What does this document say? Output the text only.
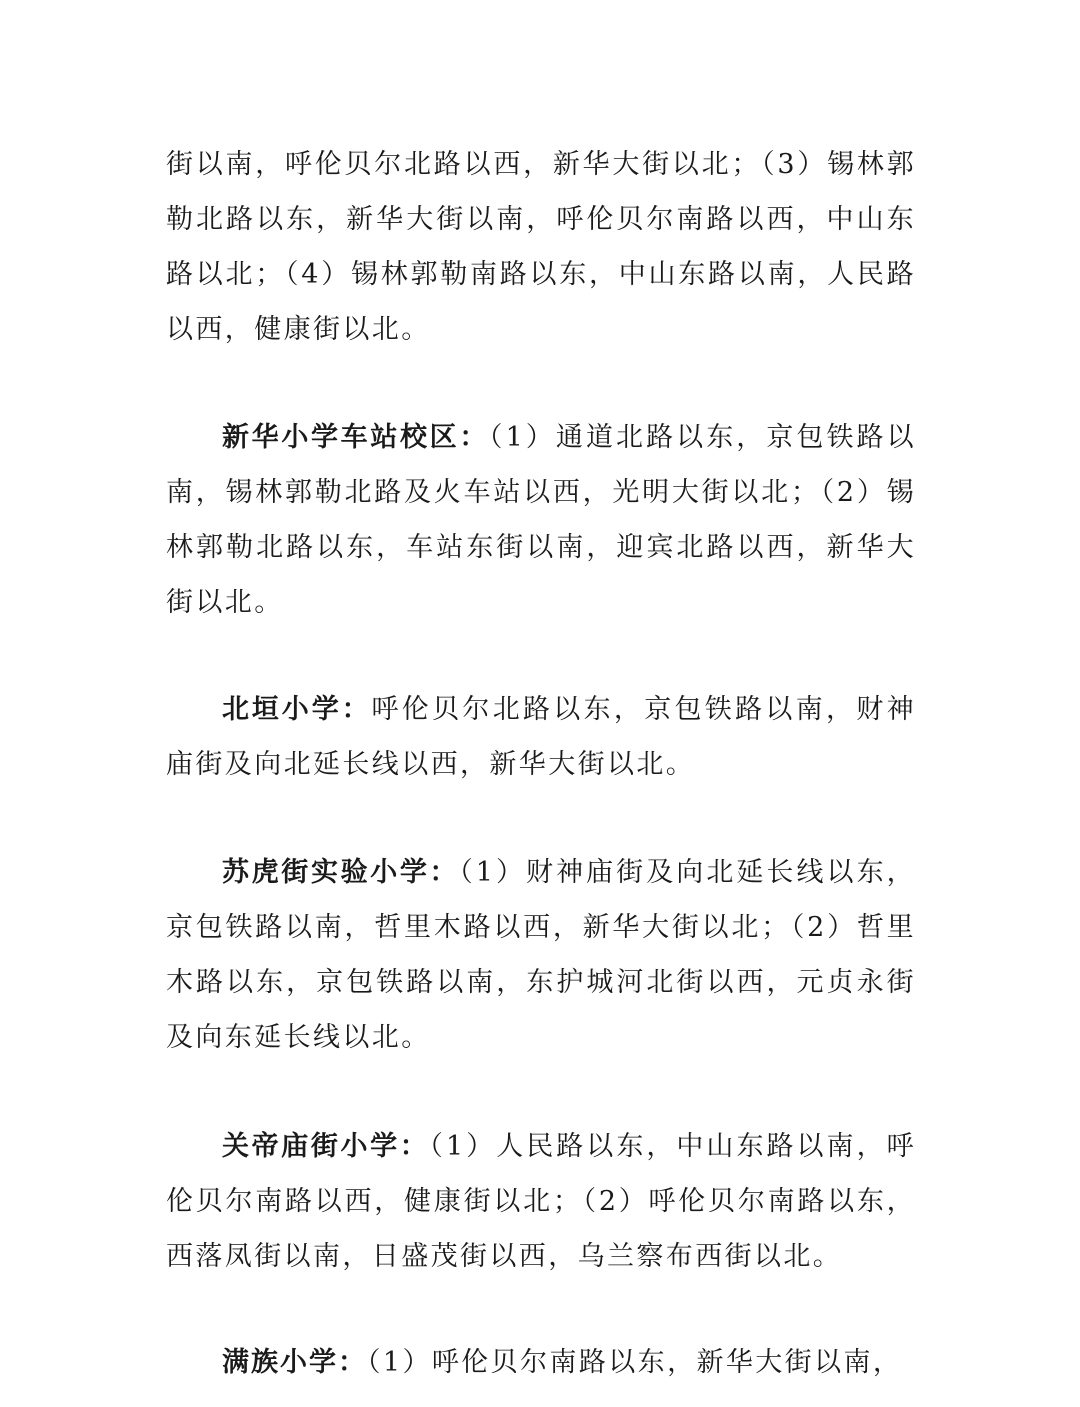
街以南，呼伦贝尔北路以西，新华大街以北；（3）锡林郭勒北路以东，新华大街以南，呼伦贝尔南路以西，中山东路以北；（4）锡林郭勒南路以东，中山东路以南，人民路以西，健康街以北。

新华小学车站校区：（1）通道北路以东，京包铁路以南，锡林郭勒北路及火车站以西，光明大街以北；（2）锡林郭勒北路以东，车站东街以南，迎宾北路以西，新华大街以北。

北垣小学：呼伦贝尔北路以东，京包铁路以南，财神庙街及向北延长线以西，新华大街以北。

苏虎街实验小学：（1）财神庙街及向北延长线以东，京包铁路以南，哲里木路以西，新华大街以北；（2）哲里木路以东，京包铁路以南，东护城河北街以西，元贞永街及向东延长线以北。

关帝庙街小学：（1）人民路以东，中山东路以南，呼伦贝尔南路以西，健康街以北；（2）呼伦贝尔南路以东，西落凤街以南，日盛茂街以西，乌兰察布西街以北。

满族小学：（1）呼伦贝尔南路以东，新华大街以南，
